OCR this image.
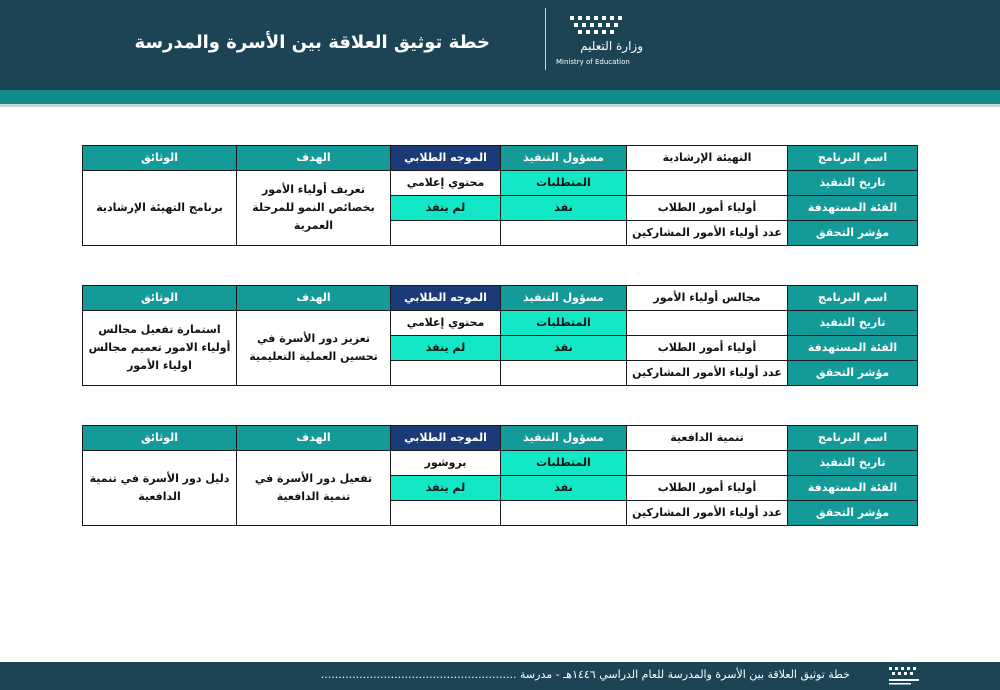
خطة توثيق العلاقة بين الأسرة والمدرسة	وزارة التعليم
Ministry of Education
اسم البرنامج	التهيئة الإرشادية	مسؤول التنفيذ	الموجه الطلابي	الهدف	الوثائق
تاريخ التنفيذ		المتطلبات	محتوي إعلامي	تعريف أولياء الأمور بخصائص النمو للمرحلة العمرية	برنامج التهيئة الإرشادية
الفئة المستهدفة	أولياء أمور الطلاب	نفذ	لم ينفذ		
مؤشر التحقق	عدد أولياء الأمور المشاركين				
اسم البرنامج	مجالس أولياء الأمور	مسؤول التنفيذ	الموجه الطلابي	الهدف	الوثائق
تاريخ التنفيذ		المتطلبات	محتوي إعلامي	تعزيز دور الأسرة في تحسين العملية التعليمية	استمارة تفعيل مجالس أولياء الامور تعميم مجالس اولياء الأمور
الفئة المستهدفة	أولياء أمور الطلاب	نفذ	لم ينفذ		
مؤشر التحقق	عدد أولياء الأمور المشاركين				
اسم البرنامج	تنمية الدافعية	مسؤول التنفيذ	الموجه الطلابي	الهدف	الوثائق
تاريخ التنفيذ		المتطلبات	بروشور	تفعيل دور الأسرة في تنمية الدافعية	دليل دور الأسرة في تنمية الدافعية
الفئة المستهدفة	أولياء أمور الطلاب	نفذ	لم ينفذ		
مؤشر التحقق	عدد أولياء الأمور المشاركين				
خطة توثيق العلاقة بين الأسرة والمدرسة للعام الدراسي ١٤٤٦هـ - مدرسة ........................................................
